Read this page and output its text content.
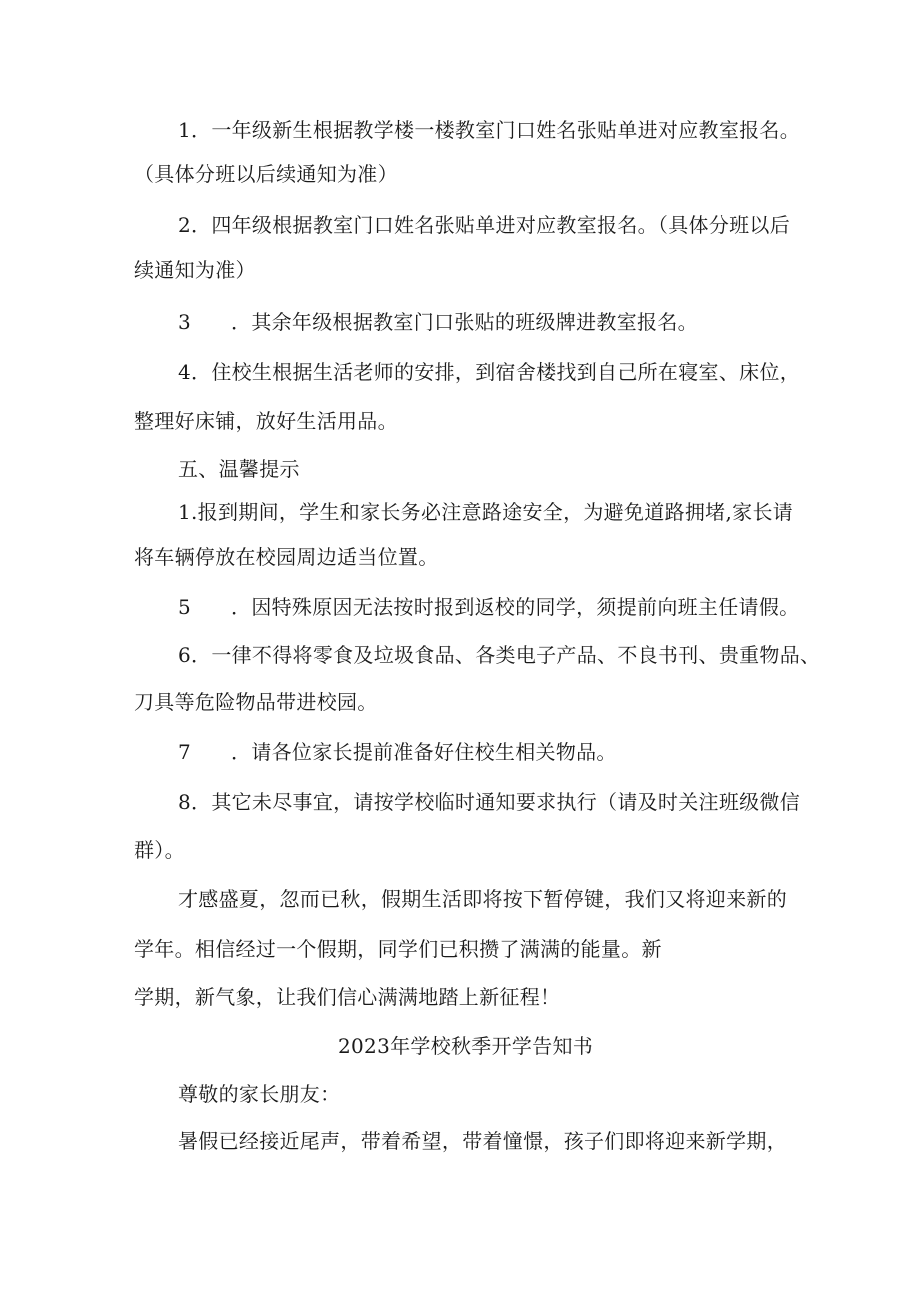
1．一年级新生根据教学楼一楼教室门口姓名张贴单进对应教室报名。
（具体分班以后续通知为准）
2．四年级根据教室门口姓名张贴单进对应教室报名。（具体分班以后
续通知为准）
3 ．其余年级根据教室门口张贴的班级牌进教室报名。
4．住校生根据生活老师的安排，到宿舍楼找到自己所在寝室、床位，
整理好床铺，放好生活用品。
五、温馨提示
1.报到期间，学生和家长务必注意路途安全，为避免道路拥堵,家长请
将车辆停放在校园周边适当位置。
5 ．因特殊原因无法按时报到返校的同学，须提前向班主任请假。
6．一律不得将零食及垃圾食品、各类电子产品、不良书刊、贵重物品、
刀具等危险物品带进校园。
7 ．请各位家长提前准备好住校生相关物品。
8．其它未尽事宜，请按学校临时通知要求执行（请及时关注班级微信
群）。
才感盛夏，忽而已秋，假期生活即将按下暂停键，我们又将迎来新的
学年。相信经过一个假期，同学们已积攒了满满的能量。新
学期，新气象，让我们信心满满地踏上新征程！
2023年学校秋季开学告知书
尊敬的家长朋友：
暑假已经接近尾声，带着希望，带着憧憬，孩子们即将迎来新学期，
